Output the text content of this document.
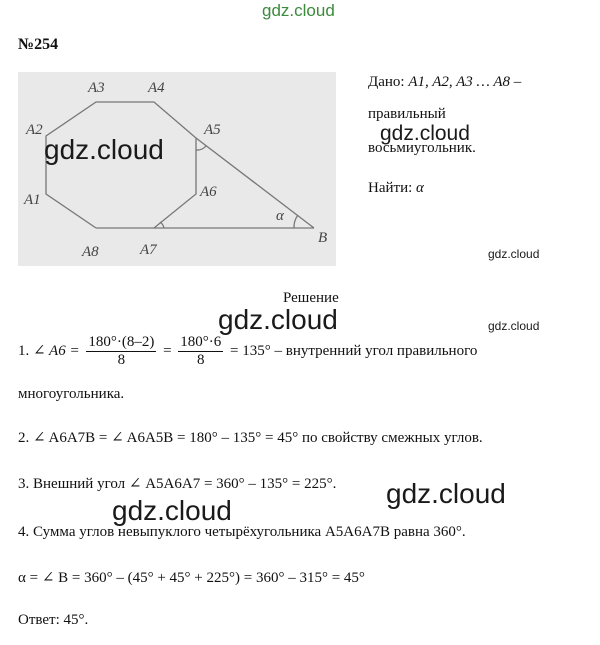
gdz.cloud
№254
A3	A4
A2	A5
A1	A6
A8	A7
B
α
gdz.cloud
Дано: A1, A2, A3 … A8 –
правильный
восьмиугольник.
gdz.cloud
Найти: α
gdz.cloud
Решение
gdz.cloud
gdz.cloud
1. ∠ $A6 = \frac{180^\circ\cdot(8-2)}{8} = \frac{180^\circ\cdot 6}{8} = 135^\circ$ – внутренний угол правильного
многоугольника.
2. ∠ A6A7B = ∠ A6A5B = 180° – 135° = 45° по свойству смежных углов.
3. Внешний угол ∠ A5A6A7 = 360° – 135° = 225°. gdz.cloud
gdz.cloud
4. Сумма углов невыпуклого четырёхугольника A5A6A7B равна 360°.
α = ∠ B = 360° – (45° + 45° + 225°) = 360° – 315° = 45°
Ответ: 45°.
